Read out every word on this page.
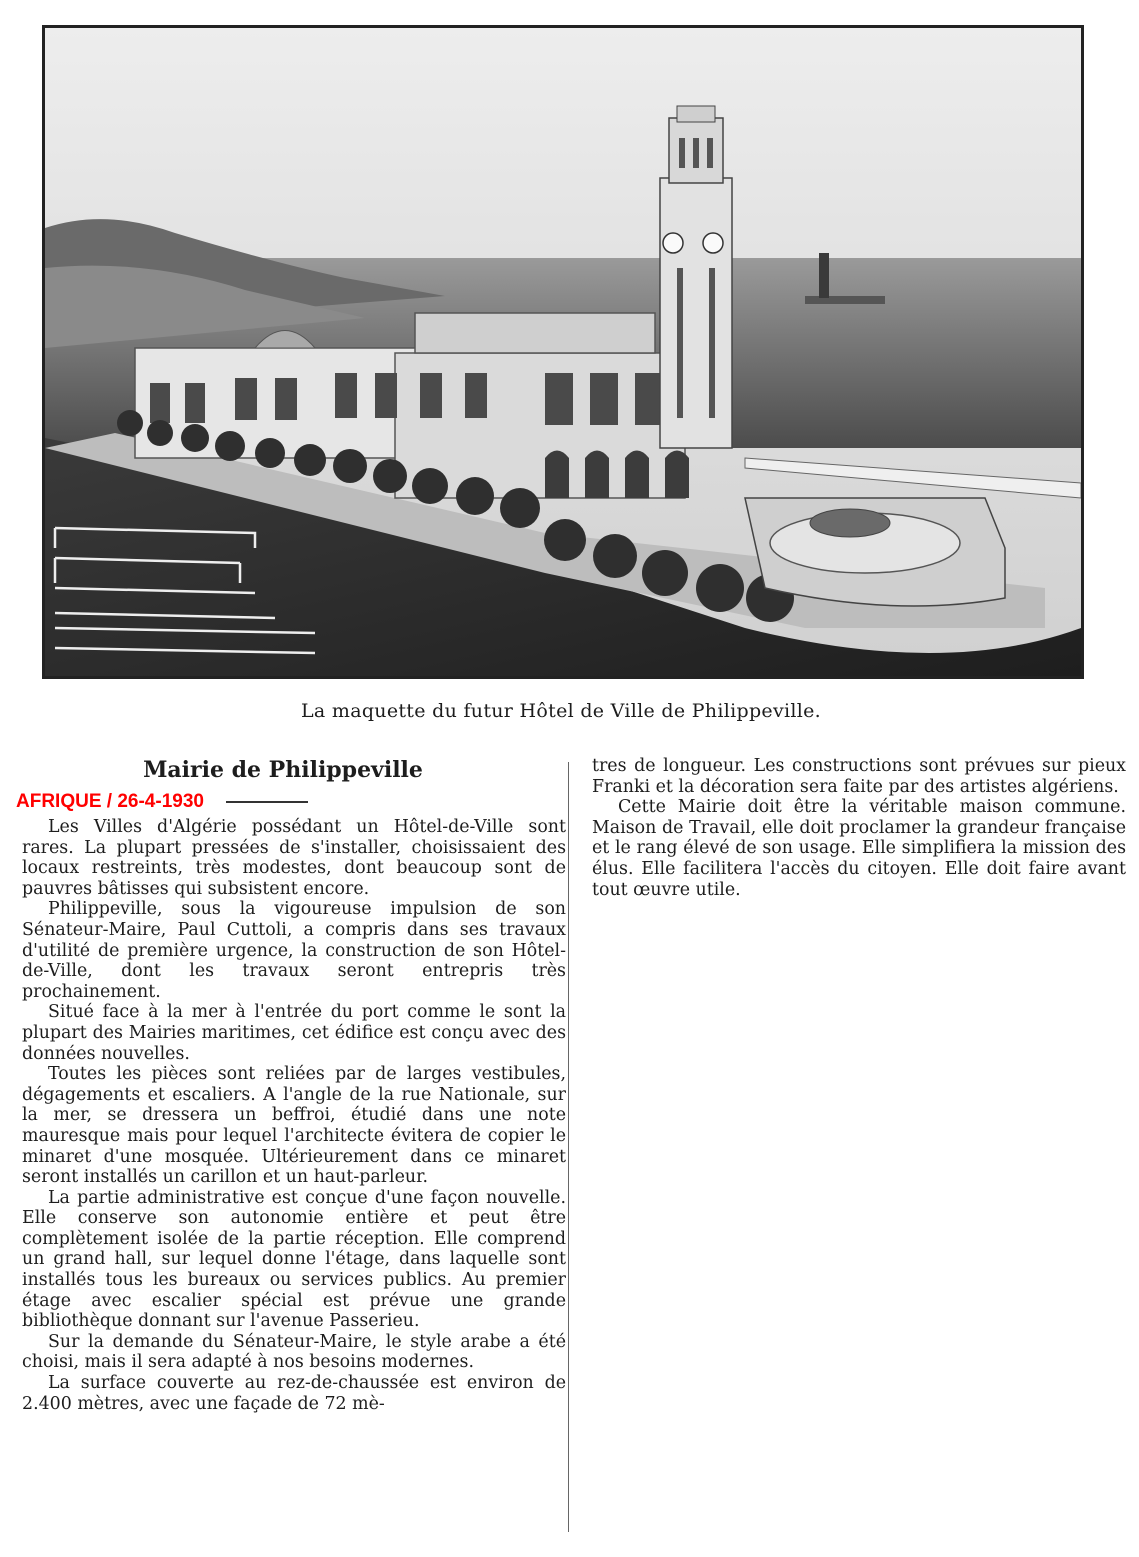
La maquette du futur Hôtel de Ville de Philippeville.
Mairie de Philippeville
AFRIQUE / 26-4-1930

Les Villes d'Algérie possédant un Hôtel-de-Ville sont rares. La plupart pressées de s'installer, choisissaient des locaux restreints, très modestes, dont beaucoup sont de pauvres bâtisses qui subsistent encore.

Philippeville, sous la vigoureuse impulsion de son Sénateur-Maire, Paul Cuttoli, a compris dans ses travaux d'utilité de première urgence, la construction de son Hôtel-de-Ville, dont les travaux seront entrepris très prochainement.

Situé face à la mer à l'entrée du port comme le sont la plupart des Mairies maritimes, cet édifice est conçu avec des données nouvelles.

Toutes les pièces sont reliées par de larges vestibules, dégagements et escaliers. A l'angle de la rue Nationale, sur la mer, se dressera un beffroi, étudié dans une note mauresque mais pour lequel l'architecte évitera de copier le minaret d'une mosquée. Ultérieurement dans ce minaret seront installés un carillon et un haut-parleur.

La partie administrative est conçue d'une façon nouvelle. Elle conserve son autonomie entière et peut être complètement isolée de la partie réception. Elle comprend un grand hall, sur lequel donne l'étage, dans laquelle sont installés tous les bureaux ou services publics. Au premier étage avec escalier spécial est prévue une grande bibliothèque donnant sur l'avenue Passerieu.

Sur la demande du Sénateur-Maire, le style arabe a été choisi, mais il sera adapté à nos besoins modernes.

La surface couverte au rez-de-chaussée est environ de 2.400 mètres, avec une façade de 72 mè-

tres de longueur. Les constructions sont prévues sur pieux Franki et la décoration sera faite par des artistes algériens.

Cette Mairie doit être la véritable maison commune. Maison de Travail, elle doit proclamer la grandeur française et le rang élevé de son usage. Elle simplifiera la mission des élus. Elle facilitera l'accès du citoyen. Elle doit faire avant tout œuvre utile.
